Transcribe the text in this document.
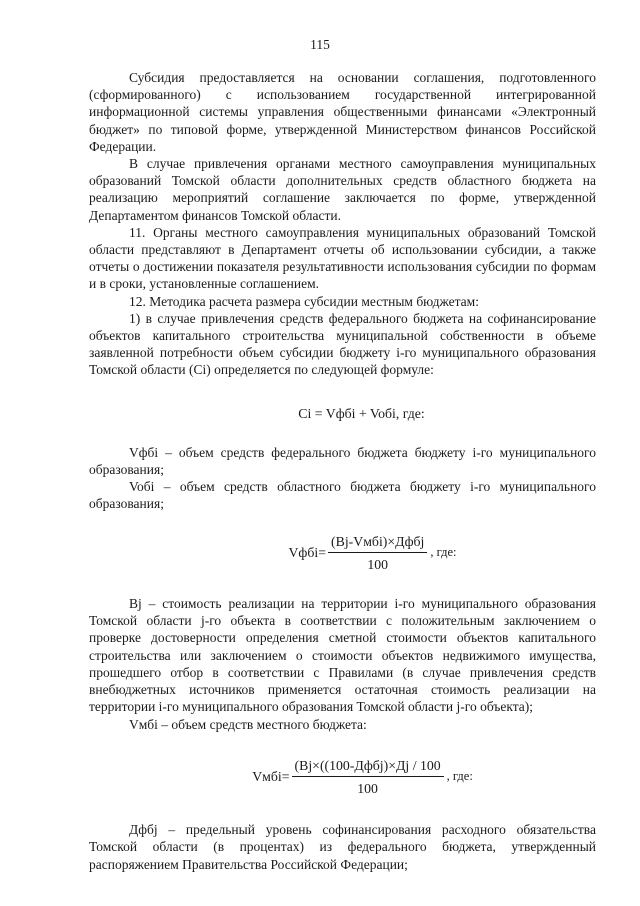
115

Субсидия предоставляется на основании соглашения, подготовленного (сформированного) с использованием государственной интегрированной информационной системы управления общественными финансами «Электронный бюджет» по типовой форме, утвержденной Министерством финансов Российской Федерации.

В случае привлечения органами местного самоуправления муниципальных образований Томской области дополнительных средств областного бюджета на реализацию мероприятий соглашение заключается по форме, утвержденной Департаментом финансов Томской области.

11. Органы местного самоуправления муниципальных образований Томской области представляют в Департамент отчеты об использовании субсидии, а также отчеты о достижении показателя результативности использования субсидии по формам и в сроки, установленные соглашением.

12. Методика расчета размера субсидии местным бюджетам:

1) в случае привлечения средств федерального бюджета на софинансирование объектов капитального строительства муниципальной собственности в объеме заявленной потребности объем субсидии бюджету i-го муниципального образования Томской области (Ci) определяется по следующей формуле:

Ci = Vфбi + Voбi, где:

Vфбi – объем средств федерального бюджета бюджету i-го муниципального образования;

Voбi – объем средств областного бюджета бюджету i-го муниципального образования;

Vфбi= $\frac{\text{(Bj-Vмбi)×Дфбj}}{100}$ , где:

Bj – стоимость реализации на территории i-го муниципального образования Томской области j-го объекта в соответствии с положительным заключением о проверке достоверности определения сметной стоимости объектов капитального строительства или заключением о стоимости объектов недвижимого имущества, прошедшего отбор в соответствии с Правилами (в случае привлечения средств внебюджетных источников применяется остаточная стоимость реализации на территории i-го муниципального образования Томской области j-го объекта);

Vмбi – объем средств местного бюджета:

Vмбi= $\frac{\text{(Bj×((100-Дфбj)×Дj / 100}}{100}$ , где:

Дфбj – предельный уровень софинансирования расходного обязательства Томской области (в процентах) из федерального бюджета, утвержденный распоряжением Правительства Российской Федерации;
